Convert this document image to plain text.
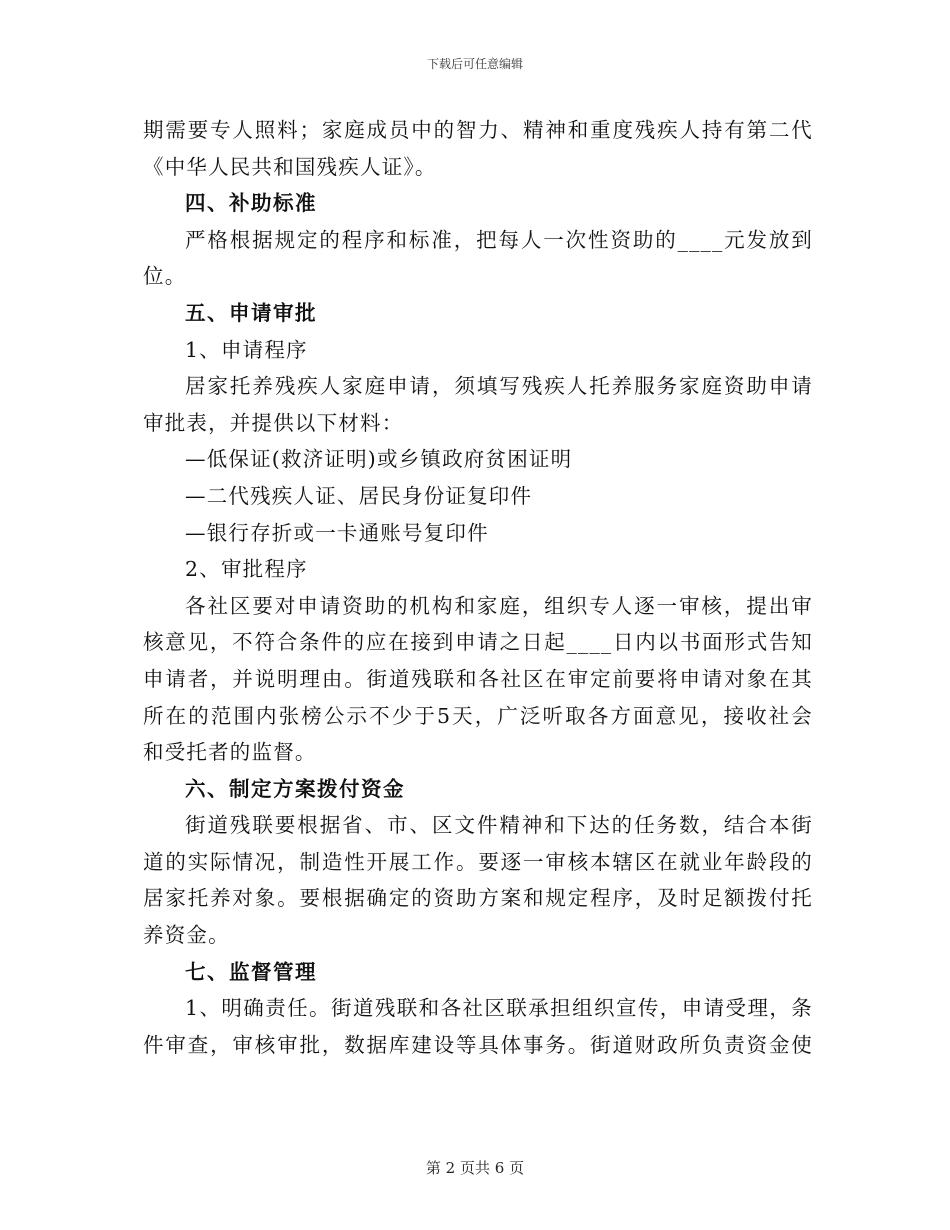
下载后可任意编辑
期需要专人照料；家庭成员中的智力、精神和重度残疾人持有第二代
《中华人民共和国残疾人证》。
四、补助标准
严格根据规定的程序和标准，把每人一次性资助的____元发放到
位。
五、申请审批
1、申请程序
居家托养残疾人家庭申请，须填写残疾人托养服务家庭资助申请
审批表，并提供以下材料：
—低保证(救济证明)或乡镇政府贫困证明
—二代残疾人证、居民身份证复印件
—银行存折或一卡通账号复印件
2、审批程序
各社区要对申请资助的机构和家庭，组织专人逐一审核，提出审
核意见，不符合条件的应在接到申请之日起____日内以书面形式告知
申请者，并说明理由。街道残联和各社区在审定前要将申请对象在其
所在的范围内张榜公示不少于5天，广泛听取各方面意见，接收社会
和受托者的监督。
六、制定方案拨付资金
街道残联要根据省、市、区文件精神和下达的任务数，结合本街
道的实际情况，制造性开展工作。要逐一审核本辖区在就业年龄段的
居家托养对象。要根据确定的资助方案和规定程序，及时足额拨付托
养资金。
七、监督管理
1、明确责任。街道残联和各社区联承担组织宣传，申请受理，条
件审查，审核审批，数据库建设等具体事务。街道财政所负责资金使
第 2 页共 6 页
